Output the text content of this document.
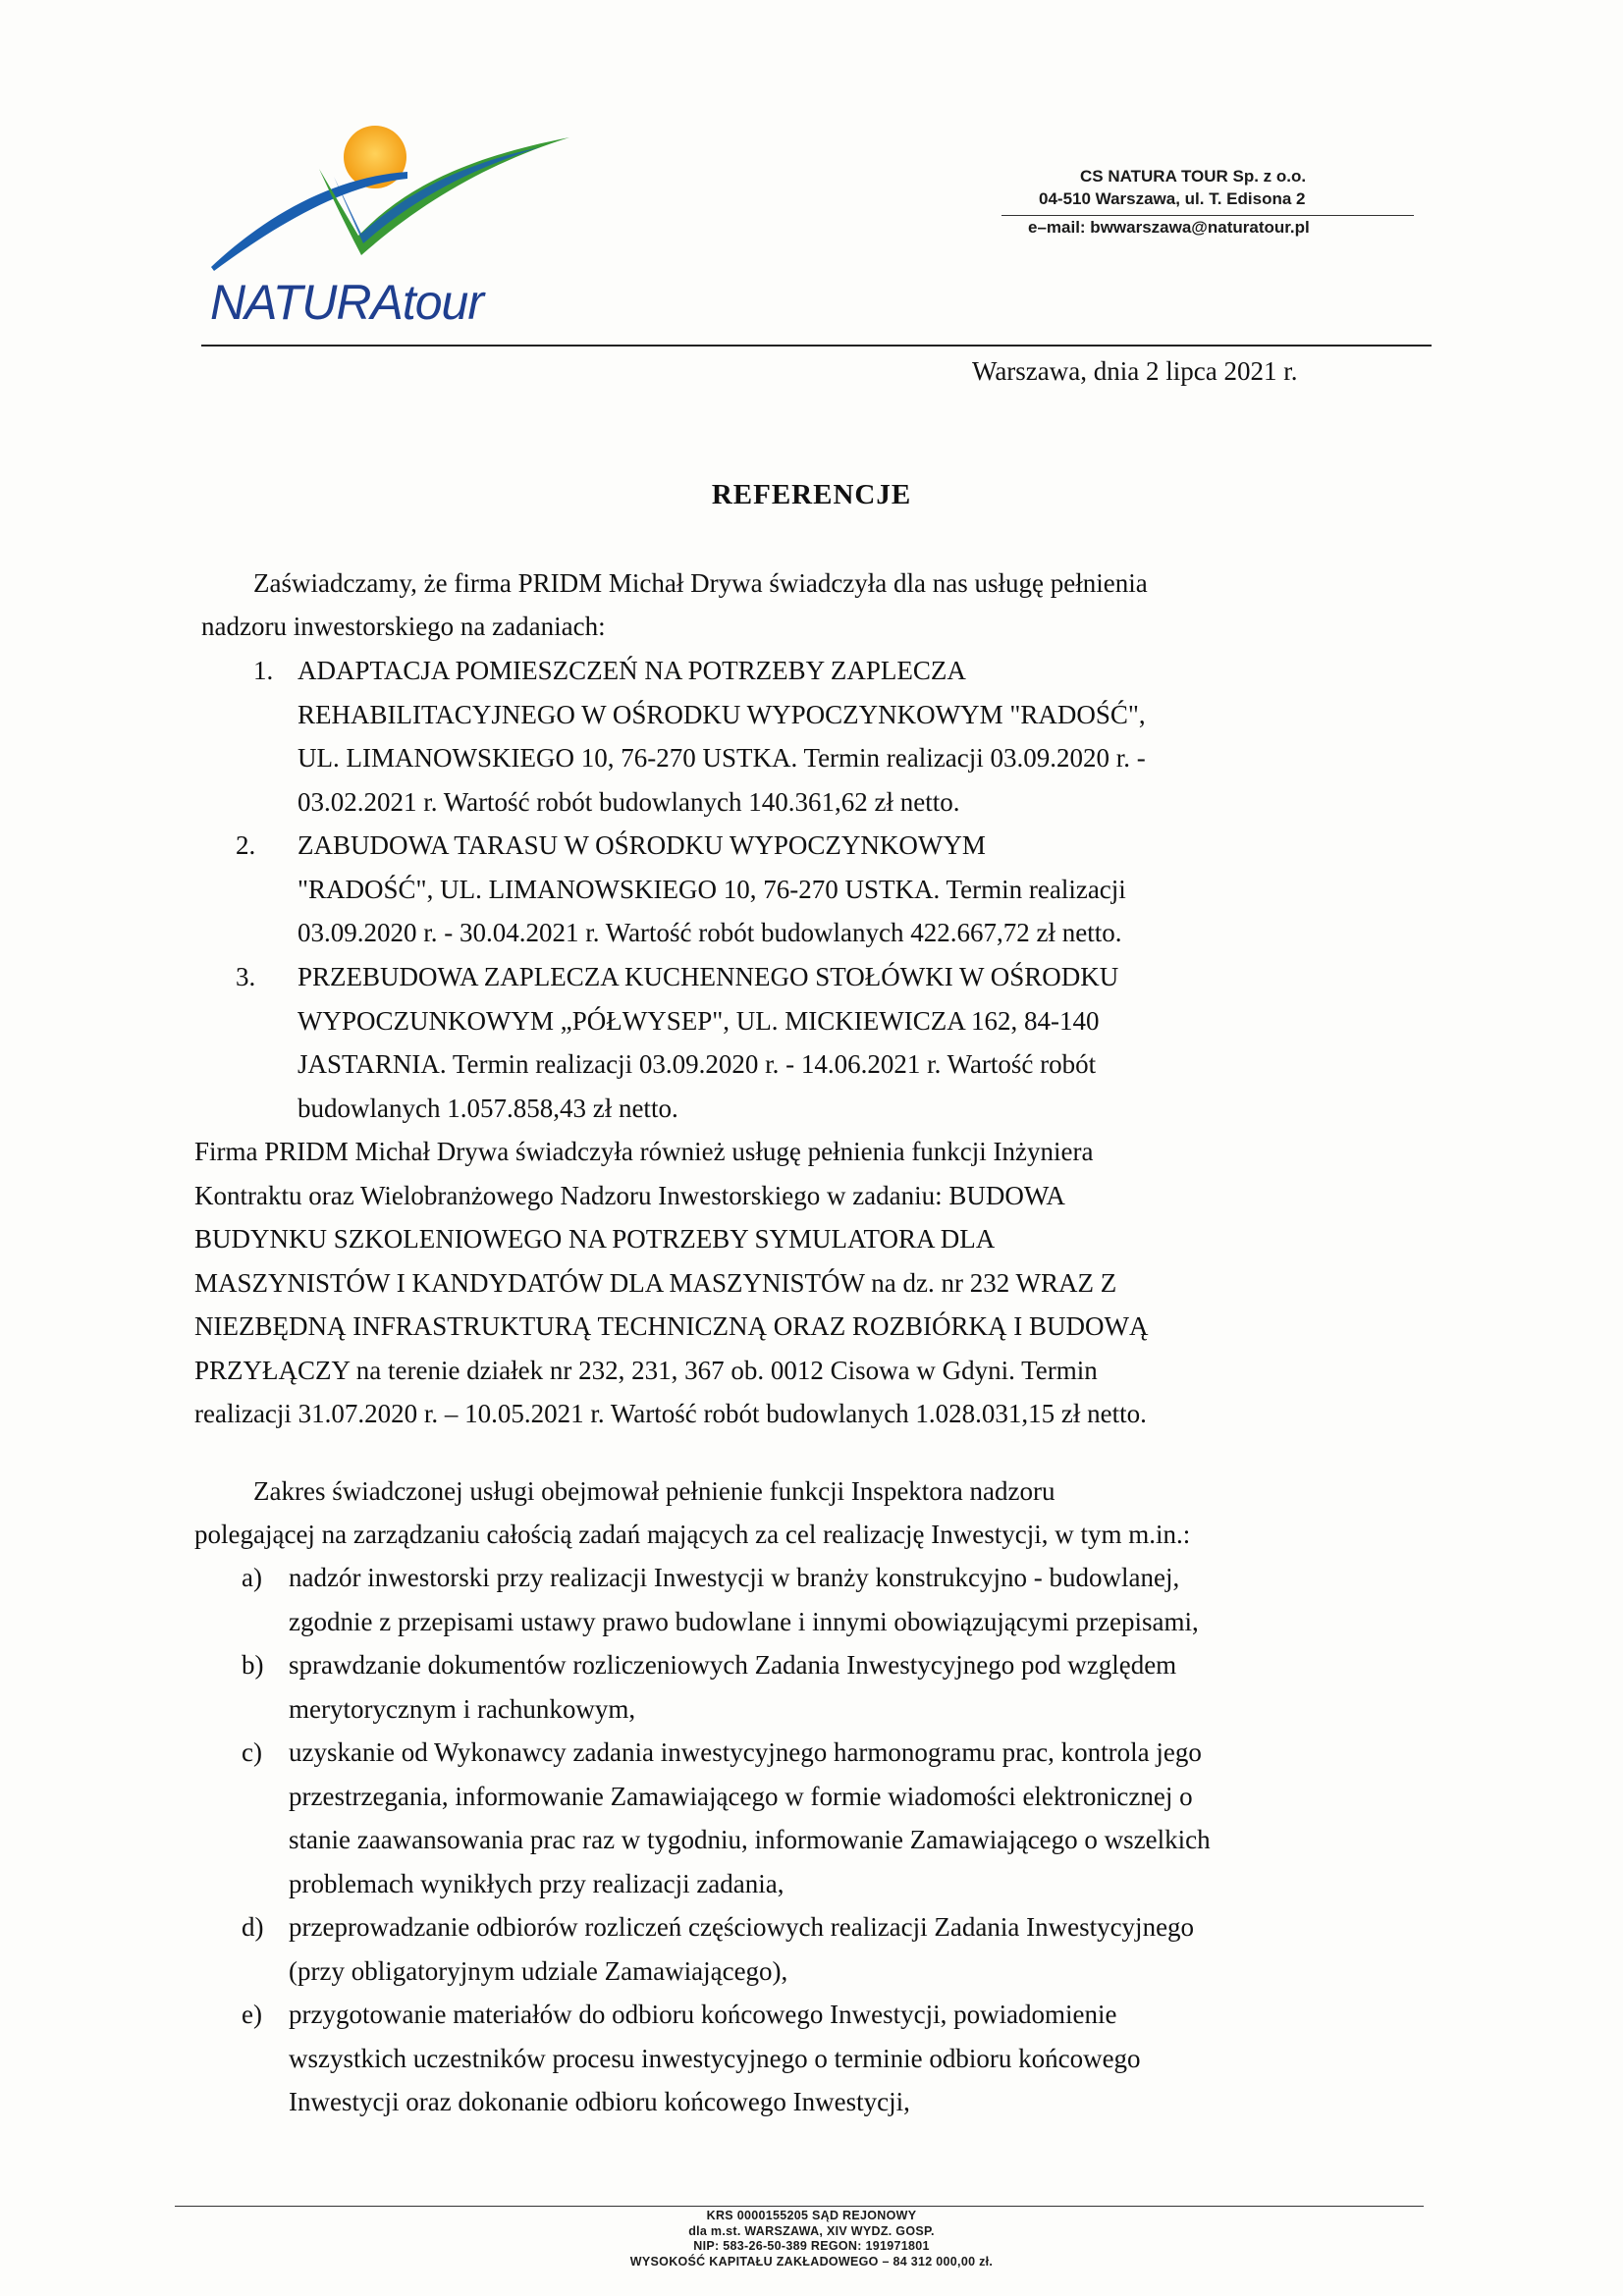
NATURAtour
CS NATURA TOUR Sp. z o.o.
04-510 Warszawa, ul. T. Edisona 2
e–mail: bwwarszawa@naturatour.pl
Warszawa, dnia 2 lipca 2021 r.
REFERENCJE
Zaświadczamy, że firma PRIDM Michał Drywa świadczyła dla nas usługę pełnienia
nadzoru inwestorskiego na zadaniach:
1. ADAPTACJA POMIESZCZEŃ NA POTRZEBY ZAPLECZA
REHABILITACYJNEGO W OŚRODKU WYPOCZYNKOWYM "RADOŚĆ",
UL. LIMANOWSKIEGO 10, 76-270 USTKA. Termin realizacji 03.09.2020 r. -
03.02.2021 r. Wartość robót budowlanych 140.361,62 zł netto.
2. ZABUDOWA TARASU W OŚRODKU WYPOCZYNKOWYM
"RADOŚĆ", UL. LIMANOWSKIEGO 10, 76-270 USTKA. Termin realizacji
03.09.2020 r. - 30.04.2021 r. Wartość robót budowlanych 422.667,72 zł netto.
3. PRZEBUDOWA ZAPLECZA KUCHENNEGO STOŁÓWKI W OŚRODKU
WYPOCZUNKOWYM „PÓŁWYSEP", UL. MICKIEWICZA 162, 84-140
JASTARNIA. Termin realizacji 03.09.2020 r. - 14.06.2021 r. Wartość robót
budowlanych 1.057.858,43 zł netto.
Firma PRIDM Michał Drywa świadczyła również usługę pełnienia funkcji Inżyniera
Kontraktu oraz Wielobranżowego Nadzoru Inwestorskiego w zadaniu: BUDOWA
BUDYNKU SZKOLENIOWEGO NA POTRZEBY SYMULATORA DLA
MASZYNISTÓW I KANDYDATÓW DLA MASZYNISTÓW na dz. nr 232 WRAZ Z
NIEZBĘDNĄ INFRASTRUKTURĄ TECHNICZNĄ ORAZ ROZBIÓRKĄ I BUDOWĄ
PRZYŁĄCZY na terenie działek nr 232, 231, 367 ob. 0012 Cisowa w Gdyni. Termin
realizacji 31.07.2020 r. – 10.05.2021 r. Wartość robót budowlanych 1.028.031,15 zł netto.
Zakres świadczonej usługi obejmował pełnienie funkcji Inspektora nadzoru
polegającej na zarządzaniu całością zadań mających za cel realizację Inwestycji, w tym m.in.:
a) nadzór inwestorski przy realizacji Inwestycji w branży konstrukcyjno - budowlanej,
zgodnie z przepisami ustawy prawo budowlane i innymi obowiązującymi przepisami,
b) sprawdzanie dokumentów rozliczeniowych Zadania Inwestycyjnego pod względem
merytorycznym i rachunkowym,
c) uzyskanie od Wykonawcy zadania inwestycyjnego harmonogramu prac, kontrola jego
przestrzegania, informowanie Zamawiającego w formie wiadomości elektronicznej o
stanie zaawansowania prac raz w tygodniu, informowanie Zamawiającego o wszelkich
problemach wynikłych przy realizacji zadania,
d) przeprowadzanie odbiorów rozliczeń częściowych realizacji Zadania Inwestycyjnego
(przy obligatoryjnym udziale Zamawiającego),
e) przygotowanie materiałów do odbioru końcowego Inwestycji, powiadomienie
wszystkich uczestników procesu inwestycyjnego o terminie odbioru końcowego
Inwestycji oraz dokonanie odbioru końcowego Inwestycji,
KRS 0000155205 SĄD REJONOWY
dla m.st. WARSZAWA, XIV WYDZ. GOSP.
NIP: 583-26-50-389 REGON: 191971801
WYSOKOŚĆ KAPITAŁU ZAKŁADOWEGO – 84 312 000,00 zł.
